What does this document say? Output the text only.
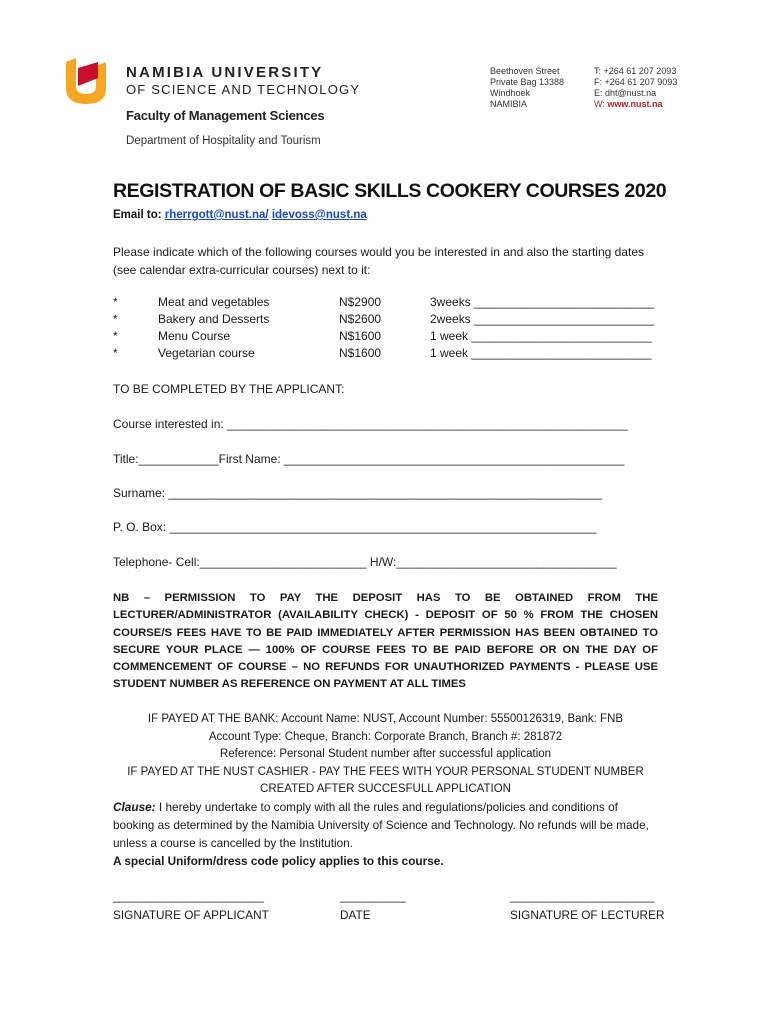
NAMIBIA UNIVERSITY
OF SCIENCE AND TECHNOLOGY
Faculty of Management Sciences
Department of Hospitality and Tourism
Beethoven Street
Private Bag 13388
Windhoek
NAMIBIA
T: +264 61 207 2093
F: +264 61 207 9093
E: dht@nust.na
W: www.nust.na
REGISTRATION OF BASIC SKILLS COOKERY COURSES 2020
Email to: rherrgott@nust.na/ idevoss@nust.na
Please indicate which of the following courses would you be interested in and also the starting dates (see calendar extra-curricular courses) next to it:
*	Meat and vegetables	N$2900	3weeks ___________________________
*	Bakery and Desserts	N$2600	2weeks ___________________________
*	Menu Course	N$1600	1 week ___________________________
*	Vegetarian course	N$1600	1 week ___________________________
TO BE COMPLETED BY THE APPLICANT:
Course interested in: ____________________________________________________________
Title:____________First Name: ___________________________________________________
Surname: _________________________________________________________________
P. O. Box: ________________________________________________________________
Telephone- Cell:_________________________ H/W:_________________________________
NB – PERMISSION TO PAY THE DEPOSIT HAS TO BE OBTAINED FROM THE
LECTURER/ADMINISTRATOR (AVAILABILITY CHECK) - DEPOSIT OF 50 % FROM THE CHOSEN
COURSE/S FEES HAVE TO BE PAID IMMEDIATELY AFTER PERMISSION HAS BEEN OBTAINED TO
SECURE YOUR PLACE — 100% OF COURSE FEES TO BE PAID BEFORE OR ON THE DAY OF
COMMENCEMENT OF COURSE – NO REFUNDS FOR UNAUTHORIZED PAYMENTS - PLEASE USE
STUDENT NUMBER AS REFERENCE ON PAYMENT AT ALL TIMES
IF PAYED AT THE BANK: Account Name: NUST, Account Number: 55500126319, Bank: FNB
Account Type: Cheque, Branch: Corporate Branch, Branch #: 281872
Reference: Personal Student number after successful application
IF PAYED AT THE NUST CASHIER - PAY THE FEES WITH YOUR PERSONAL STUDENT NUMBER
CREATED AFTER SUCCESFULL APPLICATION
Clause: I hereby undertake to comply with all the rules and regulations/policies and conditions of booking as determined by the Namibia University of Science and Technology. No refunds will be made, unless a course is cancelled by the Institution.
A special Uniform/dress code policy applies to this course.
_______________________
SIGNATURE OF APPLICANT
__________
DATE
______________________
SIGNATURE OF LECTURER
